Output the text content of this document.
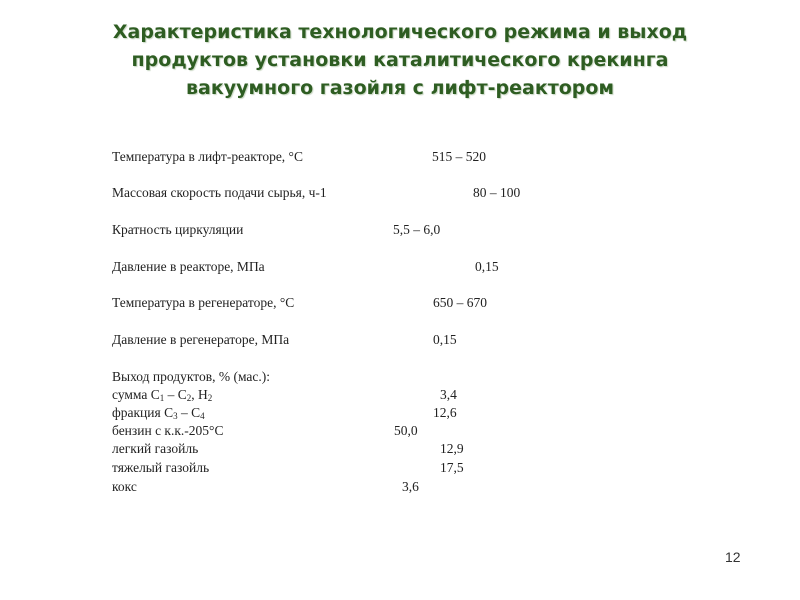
Характеристика технологического режима и выход
продуктов установки каталитического крекинга
вакуумного газойля с лифт-реактором
Температура в лифт-реакторе, °С	515 – 520
Массовая скорость подачи сырья, ч-1	80 – 100
Кратность циркуляции	5,5 – 6,0
Давление в реакторе, МПа	0,15
Температура в регенераторе, °С	650 – 670
Давление в регенераторе, МПа	0,15
Выход продуктов, % (мас.):
сумма $С_1 - С_2$, $Н_2$	3,4
фракция $С_3 - С_4$	12,6
бензин с к.к.-205°С	50,0
легкий газойль	12,9
тяжелый газойль	17,5
кокс	3,6
12
